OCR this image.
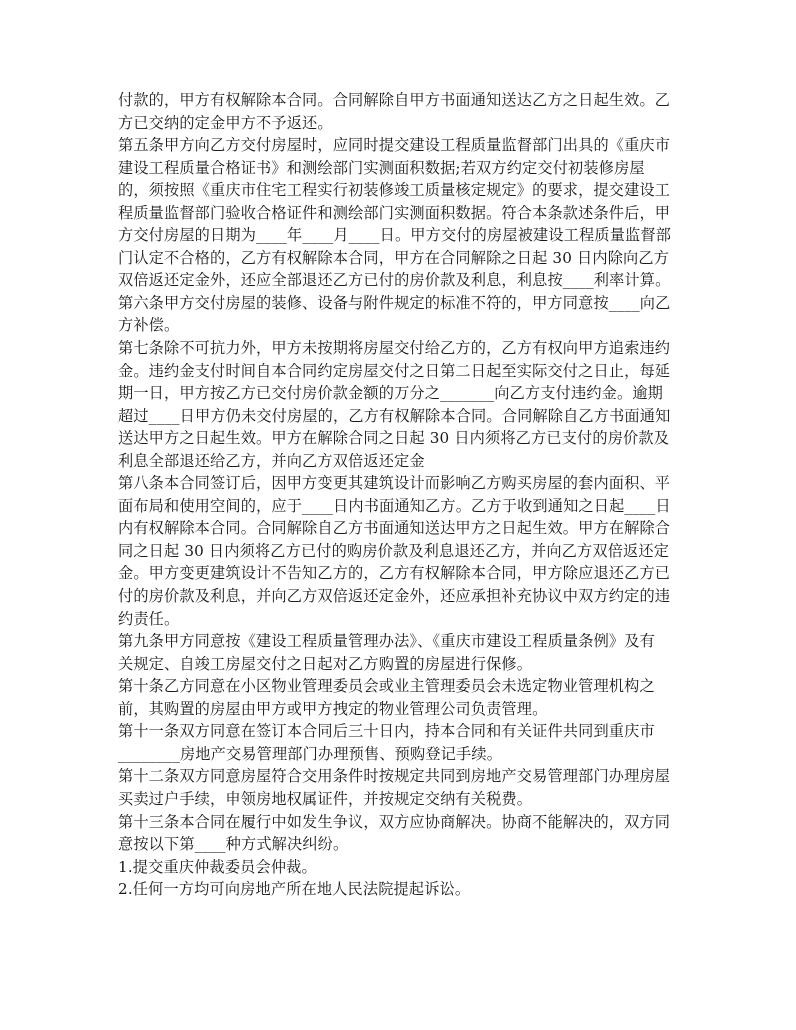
付款的，甲方有权解除本合同。合同解除自甲方书面通知送达乙方之日起生效。乙
方已交纳的定金甲方不予返还。
第五条甲方向乙方交付房屋时，应同时提交建设工程质量监督部门出具的《重庆市
建设工程质量合格证书》和测绘部门实测面积数据;若双方约定交付初装修房屋
的，须按照《重庆市住宅工程实行初装修竣工质量核定规定》的要求，提交建设工
程质量监督部门验收合格证件和测绘部门实测面积数据。符合本条款述条件后，甲
方交付房屋的日期为____年____月____日。甲方交付的房屋被建设工程质量监督部
门认定不合格的，乙方有权解除本合同，甲方在合同解除之日起 30 日内除向乙方
双倍返还定金外，还应全部退还乙方已付的房价款及利息，利息按____利率计算。
第六条甲方交付房屋的装修、设备与附件规定的标准不符的，甲方同意按____向乙
方补偿。
第七条除不可抗力外，甲方未按期将房屋交付给乙方的，乙方有权向甲方追索违约
金。违约金支付时间自本合同约定房屋交付之日第二日起至实际交付之日止，每延
期一日，甲方按乙方已交付房价款金额的万分之_______向乙方支付违约金。逾期
超过____日甲方仍未交付房屋的，乙方有权解除本合同。合同解除自乙方书面通知
送达甲方之日起生效。甲方在解除合同之日起 30 日内须将乙方已支付的房价款及
利息全部退还给乙方，并向乙方双倍返还定金
第八条本合同签订后，因甲方变更其建筑设计而影响乙方购买房屋的套内面积、平
面布局和使用空间的，应于____日内书面通知乙方。乙方于收到通知之日起____日
内有权解除本合同。合同解除自乙方书面通知送达甲方之日起生效。甲方在解除合
同之日起 30 日内须将乙方已付的购房价款及利息退还乙方，并向乙方双倍返还定
金。甲方变更建筑设计不告知乙方的，乙方有权解除本合同，甲方除应退还乙方已
付的房价款及利息，并向乙方双倍返还定金外，还应承担补充协议中双方约定的违
约责任。
第九条甲方同意按《建设工程质量管理办法》、《重庆市建设工程质量条例》及有
关规定、自竣工房屋交付之日起对乙方购置的房屋进行保修。
第十条乙方同意在小区物业管理委员会或业主管理委员会未选定物业管理机构之
前，其购置的房屋由甲方或甲方拽定的物业管理公司负责管理。
第十一条双方同意在签订本合同后三十日内，持本合同和有关证件共同到重庆市
________房地产交易管理部门办理预售、预购登记手续。
第十二条双方同意房屋符合交用条件时按规定共同到房地产交易管理部门办理房屋
买卖过户手续，申领房地权属证件，并按规定交纳有关税费。
第十三条本合同在履行中如发生争议，双方应协商解决。协商不能解决的，双方同
意按以下第____种方式解决纠纷。
1.提交重庆仲裁委员会仲裁。
2.任何一方均可向房地产所在地人民法院提起诉讼。
